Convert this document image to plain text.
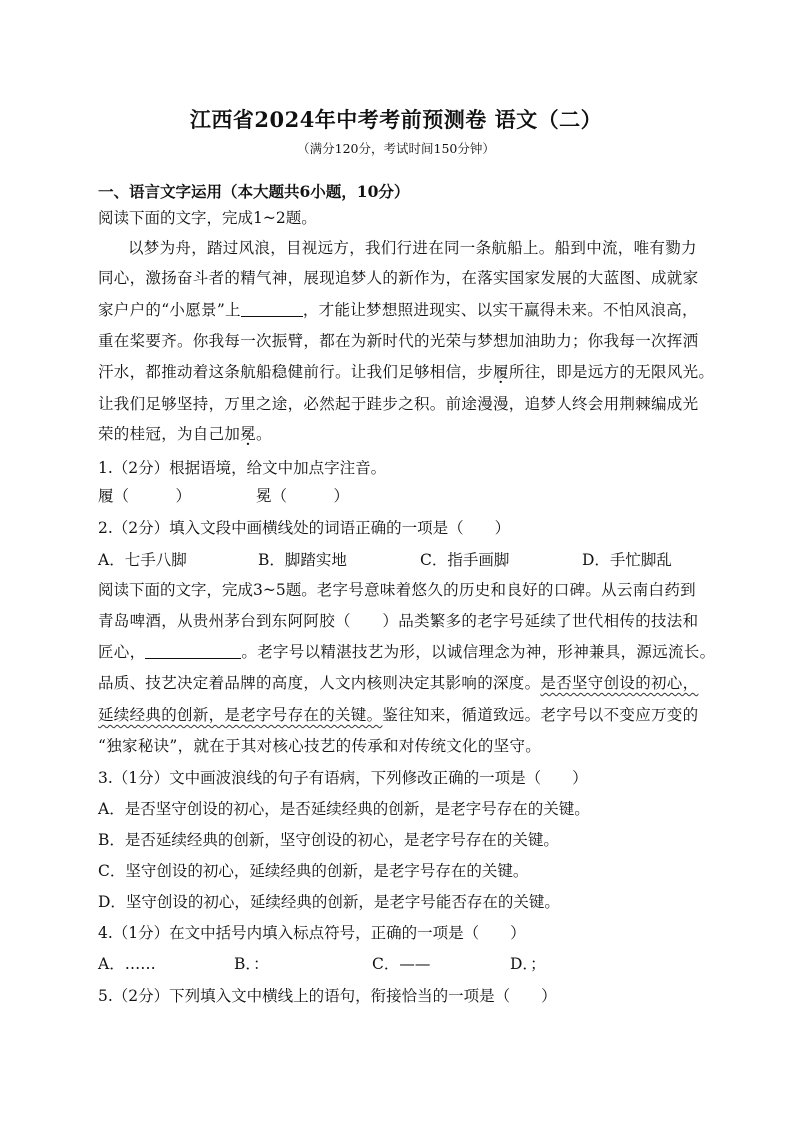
江西省2024年中考考前预测卷 语文（二）
（满分120分，考试时间150分钟）
一、语言文字运用（本大题共6小题，10分）
阅读下面的文字，完成1~2题。
以梦为舟，踏过风浪，目视远方，我们行进在同一条航船上。船到中流，唯有勠力
同心，激扬奋斗者的精气神，展现追梦人的新作为，在落实国家发展的大蓝图、成就家
家户户的“小愿景”上	，才能让梦想照进现实、以实干赢得未来。不怕风浪高，
重在桨要齐。你我每一次振臂，都在为新时代的光荣与梦想加油助力；你我每一次挥洒
汗水，都推动着这条航船稳健前行。让我们足够相信，步履所往，即是远方的无限风光。
让我们足够坚持，万里之途，必然起于跬步之积。前途漫漫，追梦人终会用荆棘编成光
荣的桂冠，为自己加冕。
1.（2分）根据语境，给文中加点字注音。
履（　　　）	冕（　　　）
2.（2分）填入文段中画横线处的词语正确的一项是（　　）
A．七手八脚	B．脚踏实地	C．指手画脚	D．手忙脚乱
阅读下面的文字，完成3~5题。老字号意味着悠久的历史和良好的口碑。从云南白药到
青岛啤酒，从贵州茅台到东阿阿胶（　　）品类繁多的老字号延续了世代相传的技法和
匠心，	。老字号以精湛技艺为形，以诚信理念为神，形神兼具，源远流长。
品质、技艺决定着品牌的高度，人文内核则决定其影响的深度。是否坚守创设的初心，
延续经典的创新，是老字号存在的关键。鉴往知来，循道致远。老字号以不变应万变的
“独家秘诀”，就在于其对核心技艺的传承和对传统文化的坚守。
3.（1分）文中画波浪线的句子有语病，下列修改正确的一项是（　　）
A．是否坚守创设的初心，是否延续经典的创新，是老字号存在的关键。
B．是否延续经典的创新，坚守创设的初心，是老字号存在的关键。
C．坚守创设的初心，延续经典的创新，是老字号存在的关键。
D．坚守创设的初心，延续经典的创新，是老字号能否存在的关键。
4.（1分）在文中括号内填入标点符号，正确的一项是（　　）
A．……	B．：	C．——	D．；
5.（2分）下列填入文中横线上的语句，衔接恰当的一项是（　　）
